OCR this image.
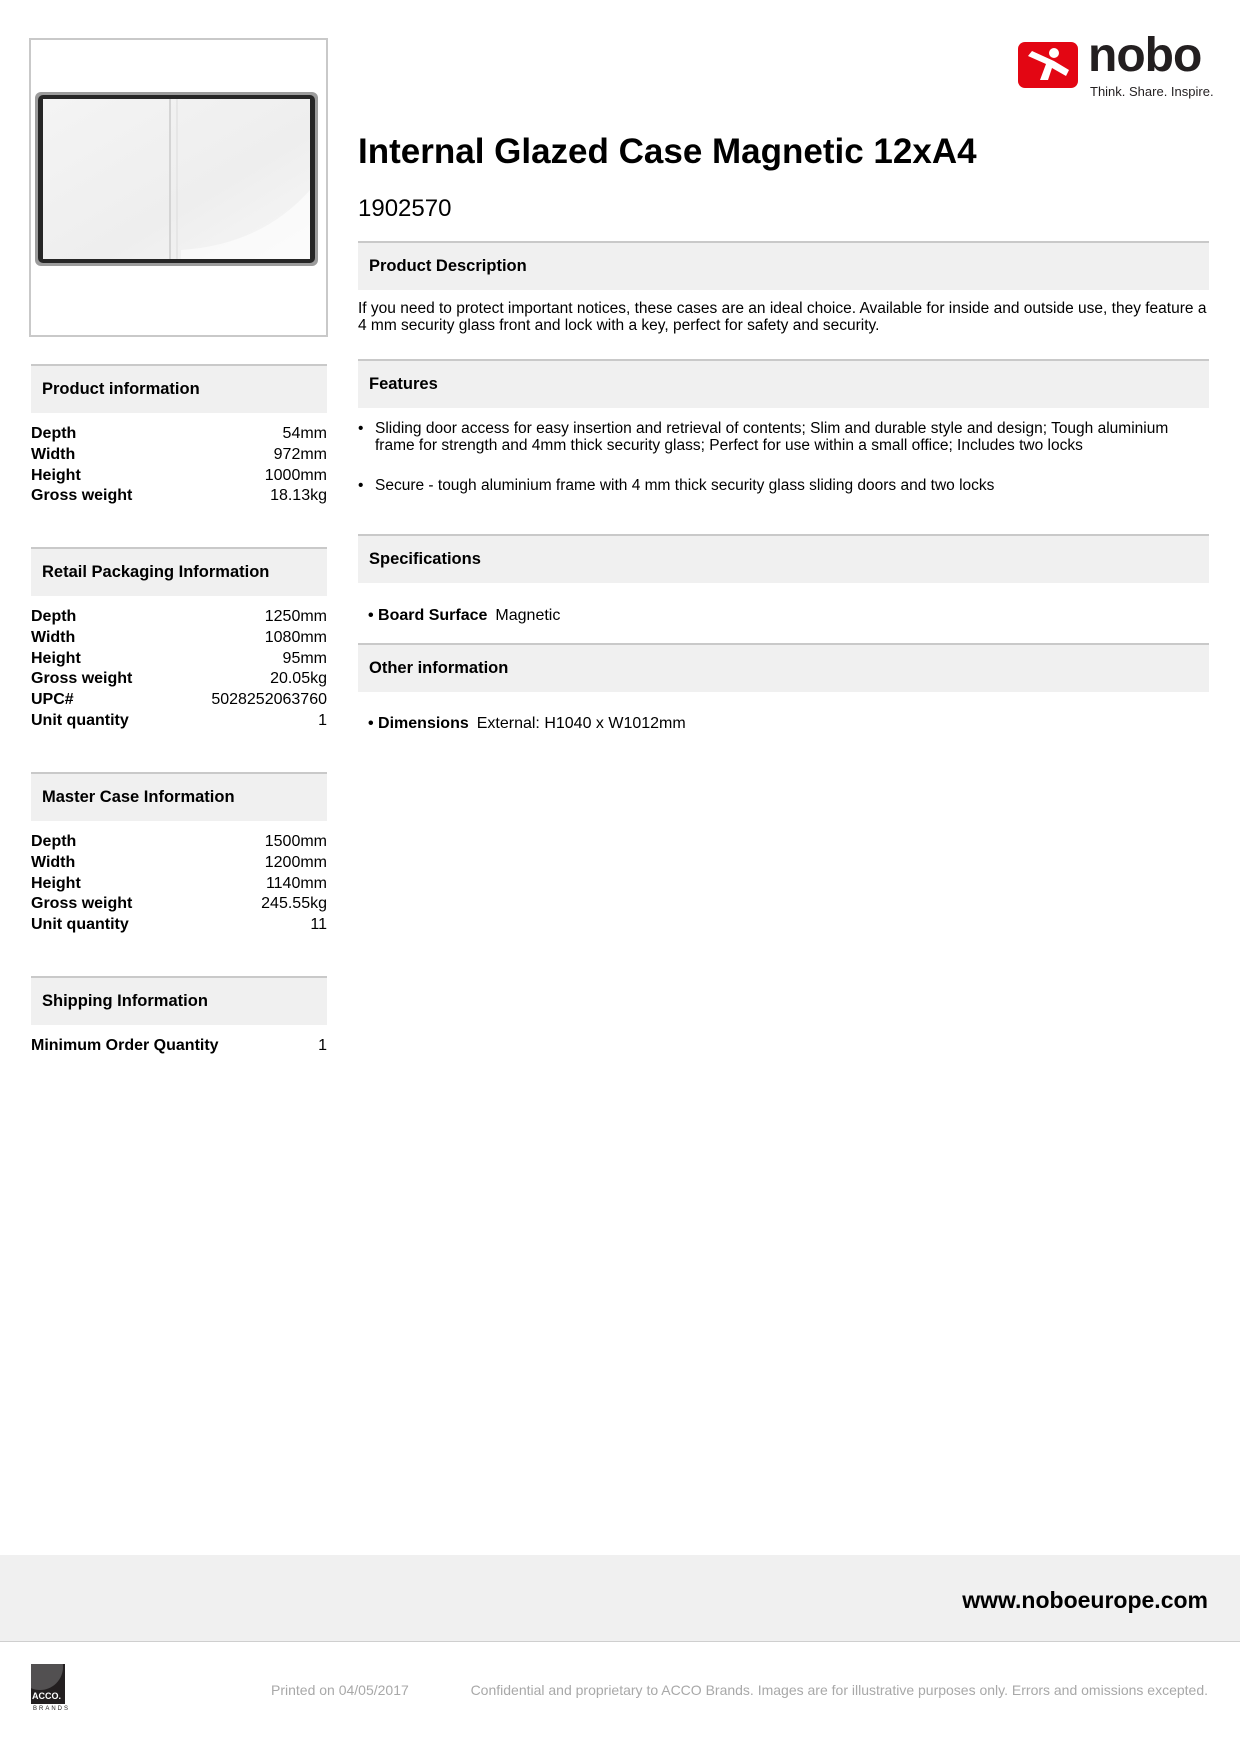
nobo
Think. Share. Inspire.
Internal Glazed Case Magnetic 12xA4
1902570
Product Description

If you need to protect important notices, these cases are an ideal choice. Available for inside and outside use, they feature a 4 mm security glass front and lock with a key, perfect for safety and security.

Features
• Sliding door access for easy insertion and retrieval of contents; Slim and durable style and design; Tough aluminium frame for strength and 4mm thick security glass; Perfect for use within a small office; Includes two locks
• Secure - tough aluminium frame with 4 mm thick security glass sliding doors and two locks
Specifications
• Board Surface Magnetic
Other information
• Dimensions External: H1040 x W1012mm
Product information
Depth	54mm
Width	972mm
Height	1000mm
Gross weight	18.13kg
Retail Packaging Information
Depth	1250mm
Width	1080mm
Height	95mm
Gross weight	20.05kg
UPC#	5028252063760
Unit quantity	1
Master Case Information
Depth	1500mm
Width	1200mm
Height	1140mm
Gross weight	245.55kg
Unit quantity	11
Shipping Information
Minimum Order Quantity	1
www.noboeurope.com
ACCO.
BRANDS
Printed on 04/05/2017	Confidential and proprietary to ACCO Brands. Images are for illustrative purposes only. Errors and omissions excepted.
